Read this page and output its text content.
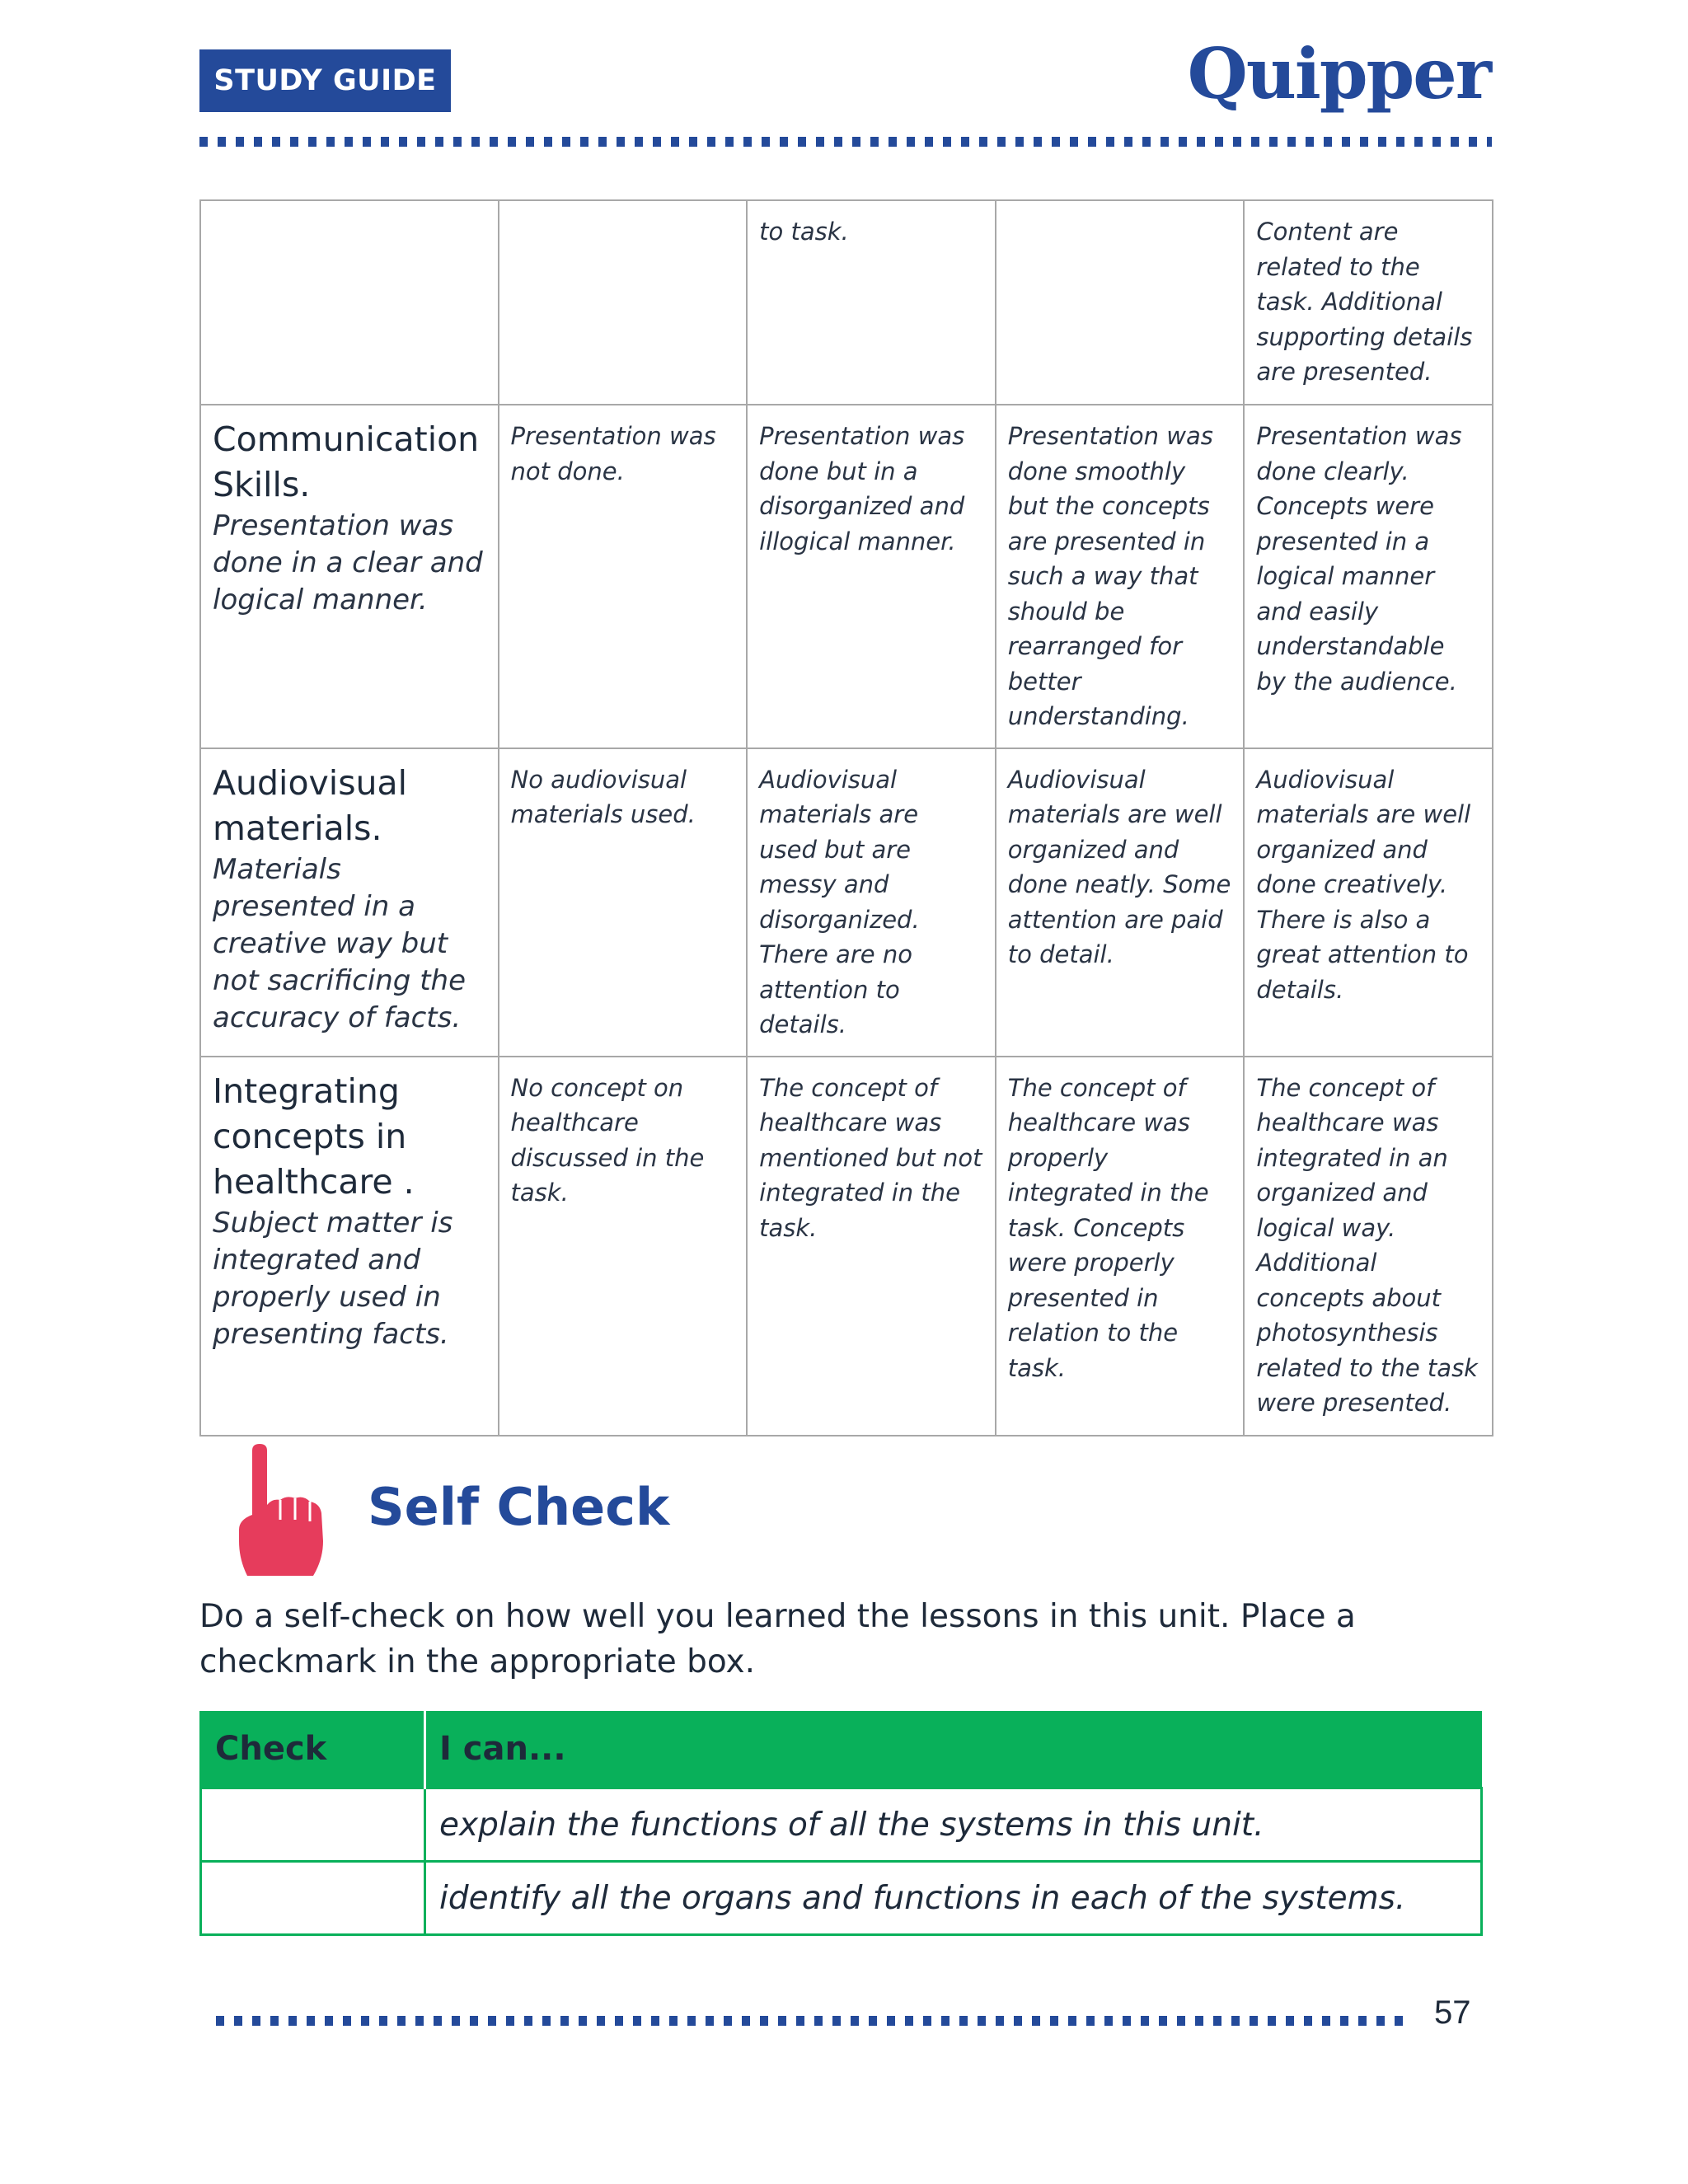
STUDY GUIDE	Quipper
		to task.		Content are related to the task. Additional supporting details are presented.

Communication Skills.
Presentation was done in a clear and logical manner.	Presentation was not done.	Presentation was done but in a disorganized and illogical manner.	Presentation was done smoothly but the concepts are presented in such a way that should be rearranged for better understanding.	Presentation was done clearly. Concepts were presented in a logical manner and easily understandable by the audience.

Audiovisual materials.
Materials presented in a creative way but not sacrificing the accuracy of facts.	No audiovisual materials used.	Audiovisual materials are used but are messy and disorganized. There are no attention to details.	Audiovisual materials are well organized and done neatly. Some attention are paid to detail.	Audiovisual materials are well organized and done creatively. There is also a great attention to details.

Integrating concepts in healthcare .
Subject matter is integrated and properly used in presenting facts.	No concept on healthcare discussed in the task.	The concept of healthcare was mentioned but not integrated in the task.	The concept of healthcare was properly integrated in the task. Concepts were properly presented in relation to the task.	The concept of healthcare was integrated in an organized and logical way. Additional concepts about photosynthesis related to the task were presented.
Self Check
Do a self-check on how well you learned the lessons in this unit. Place a checkmark in the appropriate box.
Check	I can...
	explain the functions of all the systems in this unit.
	identify all the organs and functions in each of the systems.
57
